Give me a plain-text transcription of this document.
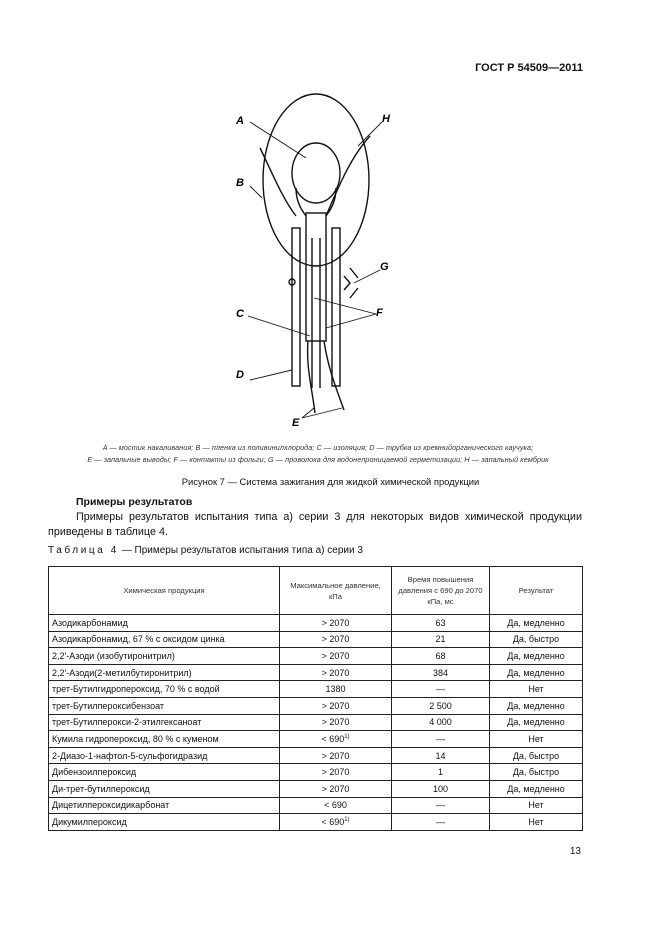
ГОСТ Р 54509—2011
A	H
B
G
C	F
D
E
A — мостик накаливания; B — пленка из поливинилхлорида; C — изоляция; D — трубка из кремнийорганического каучука;
E — запальные выводы; F — контакты из фольги; G — проволока для водонепроницаемой герметизации; H — запальный кембрик
Рисунок 7 — Система зажигания для жидкой химической продукции
Примеры результатов
Примеры результатов испытания типа а) серии 3 для некоторых видов химической продукции приведены в таблице 4.
Таблица 4 — Примеры результатов испытания типа а) серии 3
Химическая продукция	Максимальное давление, кПа	Время повышения давления с 690 до 2070 кПа, мс	Результат
Азодикарбонамид	> 2070	63	Да, медленно
Азодикарбонамид, 67 % с оксидом цинка	> 2070	21	Да, быстро
2,2′-Азоди (изобутиронитрил)	> 2070	68	Да, медленно
2,2′-Азоди(2-метилбутиронитрил)	> 2070	384	Да, медленно
трет-Бутилгидропероксид, 70 % с водой	1380	—	Нет
трет-Бутилпероксибензоат	> 2070	2 500	Да, медленно
трет-Бутилперокси-2-этилгексаноат	> 2070	4 000	Да, медленно
Кумила гидропероксид, 80 % с куменом	< $690^{1)}$	—	Нет
2-Диазо-1-нафтол-5-сульфогидразид	> 2070	14	Да, быстро
Дибензоилпероксид	> 2070	1	Да, быстро
Ди-трет-бутилпероксид	> 2070	100	Да, медленно
Дицетилпероксидикарбонат	< 690	—	Нет
Дикумилпероксид	< $690^{1)}$	—	Нет
13
